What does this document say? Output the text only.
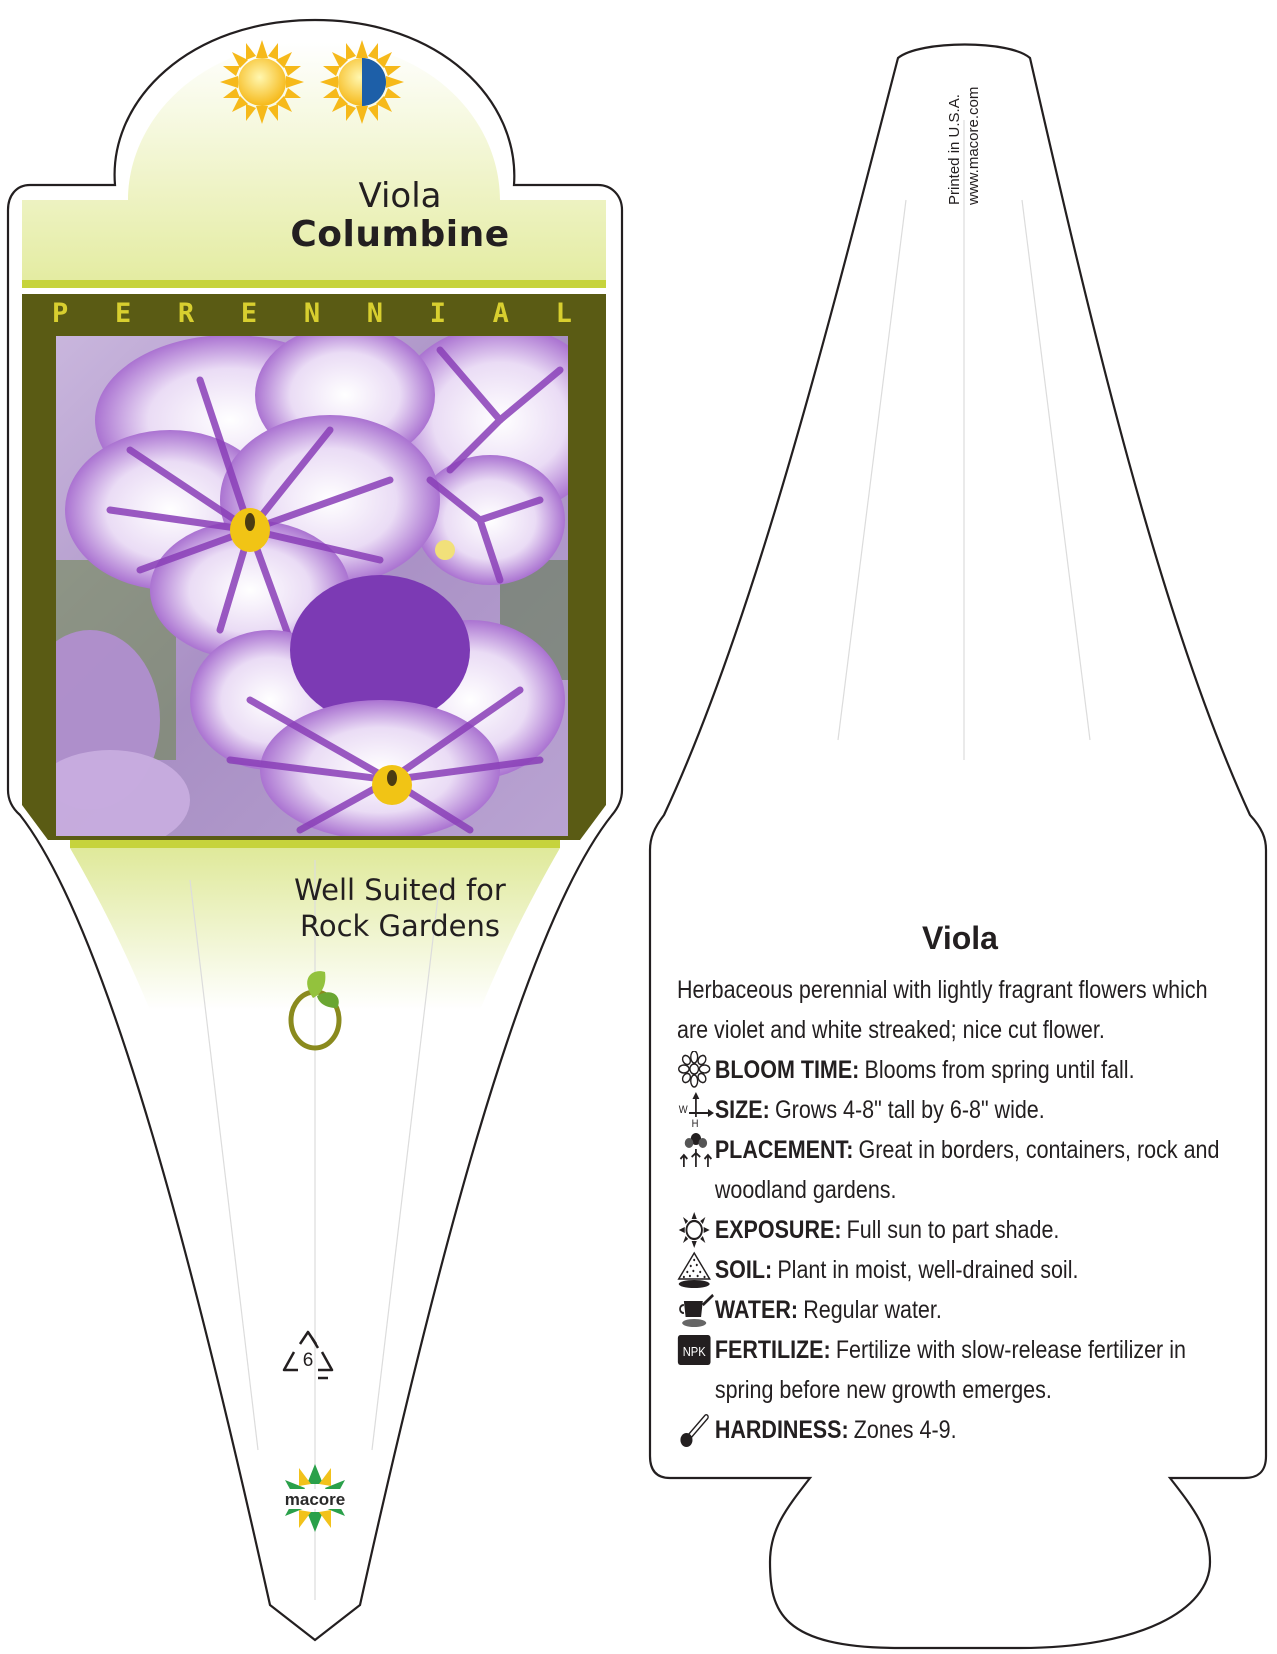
Viola
Columbine
P E R E N N I A L
Well Suited for
Rock Gardens
6
macore
Printed in U.S.A. www.macore.com
Viola

Herbaceous perennial with lightly fragrant flowers which are violet and white streaked; nice cut flower.

BLOOM TIME: Blooms from spring until fall.
W
H
SIZE: Grows 4-8" tall by 6-8" wide.
PLACEMENT: Great in borders, containers, rock and woodland gardens.
EXPOSURE: Full sun to part shade.
SOIL: Plant in moist, well-drained soil.
WATER: Regular water.
NPK FERTILIZE: Fertilize with slow-release fertilizer in spring before new growth emerges.
HARDINESS: Zones 4-9.
